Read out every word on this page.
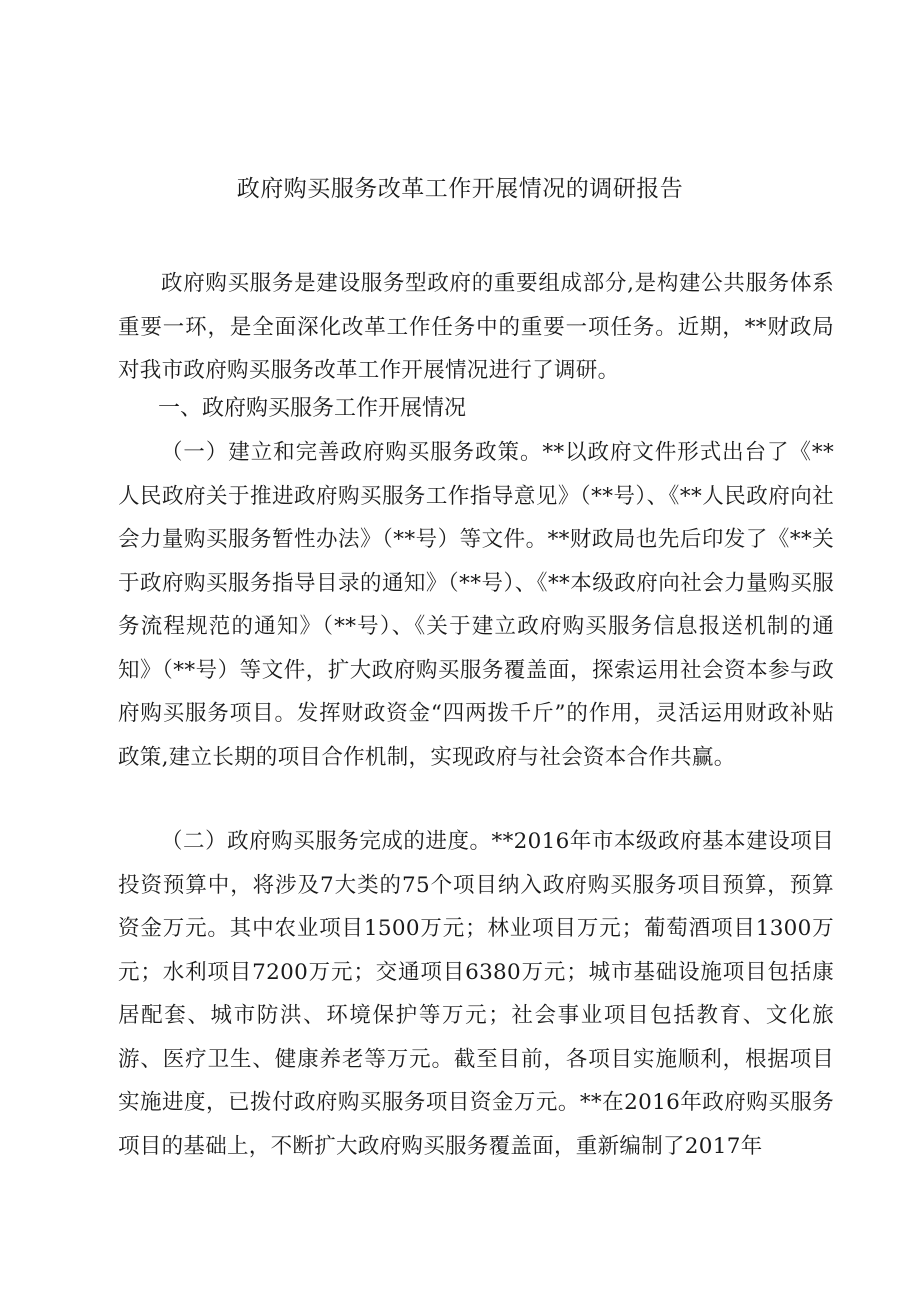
政府购买服务改革工作开展情况的调研报告

政府购买服务是建设服务型政府的重要组成部分,是构建公共服务体系重要一环，是全面深化改革工作任务中的重要一项任务。近期，**财政局对我市政府购买服务改革工作开展情况进行了调研。

一、政府购买服务工作开展情况

（一）建立和完善政府购买服务政策。**以政府文件形式出台了《**人民政府关于推进政府购买服务工作指导意见》（**号）、《**人民政府向社会力量购买服务暂性办法》（**号）等文件。**财政局也先后印发了《**关于政府购买服务指导目录的通知》（**号）、《**本级政府向社会力量购买服务流程规范的通知》（**号）、《关于建立政府购买服务信息报送机制的通知》（**号）等文件，扩大政府购买服务覆盖面，探索运用社会资本参与政府购买服务项目。发挥财政资金“四两拨千斤”的作用，灵活运用财政补贴政策,建立长期的项目合作机制，实现政府与社会资本合作共赢。

（二）政府购买服务完成的进度。**2016年市本级政府基本建设项目投资预算中，将涉及7大类的75个项目纳入政府购买服务项目预算，预算资金万元。其中农业项目1500万元；林业项目万元；葡萄酒项目1300万元；水利项目7200万元；交通项目6380万元；城市基础设施项目包括康居配套、城市防洪、环境保护等万元；社会事业项目包括教育、文化旅游、医疗卫生、健康养老等万元。截至目前，各项目实施顺利，根据项目实施进度，已拨付政府购买服务项目资金万元。**在2016年政府购买服务项目的基础上，不断扩大政府购买服务覆盖面，重新编制了2017年
